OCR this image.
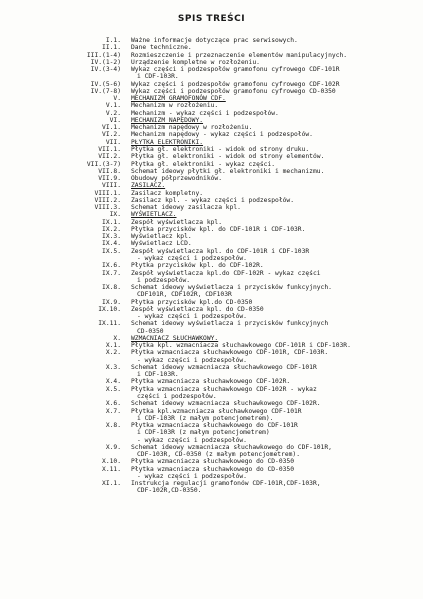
SPIS TREŚCI
I.1. Ważne informacje dotyczące prac serwisowych.
II.1. Dane techniczne.
III.(1-4) Rozmieszczenie i przeznaczenie elementów manipulacyjnych.
IV.(1-2) Urządzenie kompletne w rozłożeniu.
IV.(3-4) Wykaz części i podzespołów gramofonu cyfrowego CDF-101R
i CDF-103R.
IV.(5-6) Wykaz części i podzespołów gramofonu cyfrowego CDF-102R
IV.(7-8) Wykaz części i podzespołów gramofonu cyfrowego CD-0350
V. MECHANIZM GRAMOFONÓW CDF.
V.1. Mechanizm w rozłożeniu.
V.2. Mechanizm - wykaz części i podzespołów.
VI. MECHANIZM NAPĘDOWY.
VI.1. Mechanizm napędowy w rozłożeniu.
VI.2. Mechanizm napędowy - wykaz części i podzespołów.
VII. PŁYTKA ELEKTRONIKI.
VII.1. Płytka gł. elektroniki - widok od strony druku.
VII.2. Płytka gł. elektroniki - widok od strony elementów.
VII.(3-7) Płytka gł. elektroniki - wykaz części.
VII.8. Schemat ideowy płytki gł. elektroniki i mechanizmu.
VII.9. Obudowy półprzewodników.
VIII. ZASILACZ.
VIII.1. Zasilacz kompletny.
VIII.2. Zasilacz kpl. - wykaz części i podzespołów.
VIII.3. Schemat ideowy zasilacza kpl.
IX. WYŚWIETLACZ.
IX.1. Zespół wyświetlacza kpl.
IX.2. Płytka przycisków kpl. do CDF-101R i CDF-103R.
IX.3. Wyświetlacz kpl.
IX.4. Wyświetlacz LCD.
IX.5. Zespół wyświetlacza kpl. do CDF-101R i CDF-103R
- wykaz części i podzespołów.
IX.6. Płytka przycisków kpl. do CDF-102R.
IX.7. Zespół wyświetlacza kpl.do CDF-102R - wykaz części
i podzespołów.
IX.8. Schemat ideowy wyświetlacza i przycisków funkcyjnych.
CDF101R, CDF102R, CDF103R
IX.9. Płytka przycisków kpl.do CD-0350
IX.10. Zespół wyświetlacza kpl. do CD-0350
- wykaz części i podzespołów.
IX.11. Schemat ideowy wyświetlacza i przycisków funkcyjnych
CD-0350
X. WZMACNIACZ SŁUCHAWKOWY.
X.1. Płytka kpl. wzmacniacza słuchawkowego CDF-101R i CDF-103R.
X.2. Płytka wzmacniacza słuchawkowego CDF-101R, CDF-103R.
- wykaz części i podzespołów.
X.3. Schemat ideowy wzmacniacza słuchawkowego CDF-101R
i CDF-103R.
X.4. Płytka wzmacniacza słuchawkowego CDF-102R.
X.5. Płytka wzmacniacza słuchawkowego CDF-102R - wykaz
części i podzespołów.
X.6. Schemat ideowy wzmacniacza słuchawkowego CDF-102R.
X.7. Płytka kpl.wzmacniacza słuchawkowego CDF-101R
i CDF-103R (z małym potencjometrem).
X.8. Płytka wzmacniacza słuchawkowego do CDF-101R
i CDF-103R (z małym potencjometrem)
- wykaz części i podzespołów.
X.9. Schemat ideowy wzmacniacza słuchawkowego do CDF-101R,
CDF-103R, CD-0350 (z małym potencjometrem).
X.10. Płytka wzmacniacza słuchawkowego do CD-0350
X.11. Płytka wzmacniacza słuchawkowego do CD-0350
- wykaz części i podzespołów.
XI.1. Instrukcja regulacji gramofonów CDF-101R,CDF-103R,
CDF-102R,CD-0350.
